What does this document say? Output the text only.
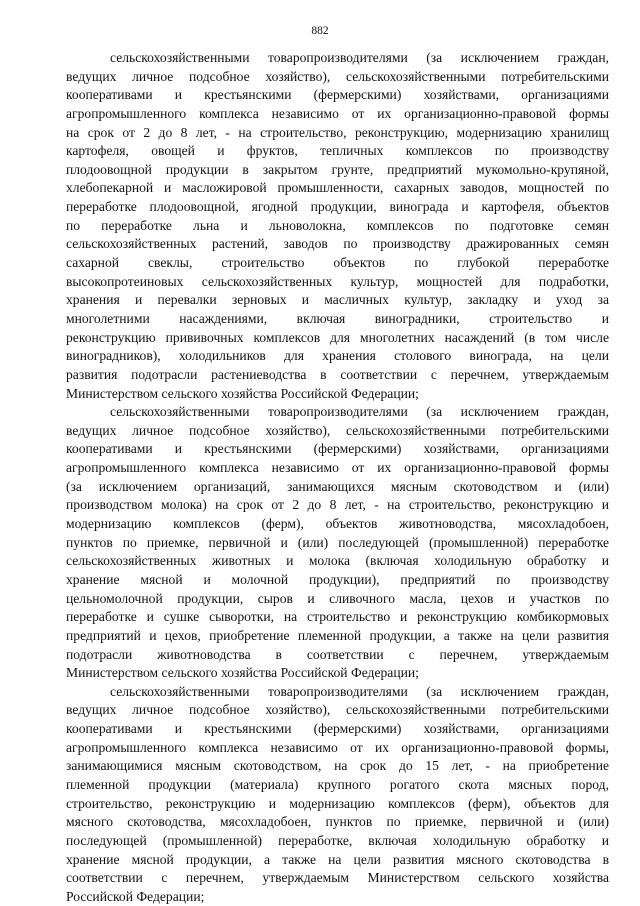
882
сельскохозяйственными товаропроизводителями (за исключением граждан,
ведущих личное подсобное хозяйство), сельскохозяйственными потребительскими
кооперативами и крестьянскими (фермерскими) хозяйствами, организациями
агропромышленного комплекса независимо от их организационно-правовой формы
на срок от 2 до 8 лет, - на строительство, реконструкцию, модернизацию хранилищ
картофеля, овощей и фруктов, тепличных комплексов по производству
плодоовощной продукции в закрытом грунте, предприятий мукомольно-крупяной,
хлебопекарной и масложировой промышленности, сахарных заводов, мощностей по
переработке плодоовощной, ягодной продукции, винограда и картофеля, объектов
по переработке льна и льноволокна, комплексов по подготовке семян
сельскохозяйственных растений, заводов по производству дражированных семян
сахарной свеклы, строительство объектов по глубокой переработке
высокопротеиновых сельскохозяйственных культур, мощностей для подработки,
хранения и перевалки зерновых и масличных культур, закладку и уход за
многолетними насаждениями, включая виноградники, строительство и
реконструкцию прививочных комплексов для многолетних насаждений (в том числе
виноградников), холодильников для хранения столового винограда, на цели
развития подотрасли растениеводства в соответствии с перечнем, утверждаемым
Министерством сельского хозяйства Российской Федерации;
сельскохозяйственными товаропроизводителями (за исключением граждан,
ведущих личное подсобное хозяйство), сельскохозяйственными потребительскими
кооперативами и крестьянскими (фермерскими) хозяйствами, организациями
агропромышленного комплекса независимо от их организационно-правовой формы
(за исключением организаций, занимающихся мясным скотоводством и (или)
производством молока) на срок от 2 до 8 лет, - на строительство, реконструкцию и
модернизацию комплексов (ферм), объектов животноводства, мясохладобоен,
пунктов по приемке, первичной и (или) последующей (промышленной) переработке
сельскохозяйственных животных и молока (включая холодильную обработку и
хранение мясной и молочной продукции), предприятий по производству
цельномолочной продукции, сыров и сливочного масла, цехов и участков по
переработке и сушке сыворотки, на строительство и реконструкцию комбикормовых
предприятий и цехов, приобретение племенной продукции, а также на цели развития
подотрасли животноводства в соответствии с перечнем, утверждаемым
Министерством сельского хозяйства Российской Федерации;
сельскохозяйственными товаропроизводителями (за исключением граждан,
ведущих личное подсобное хозяйство), сельскохозяйственными потребительскими
кооперативами и крестьянскими (фермерскими) хозяйствами, организациями
агропромышленного комплекса независимо от их организационно-правовой формы,
занимающимися мясным скотоводством, на срок до 15 лет, - на приобретение
племенной продукции (материала) крупного рогатого скота мясных пород,
строительство, реконструкцию и модернизацию комплексов (ферм), объектов для
мясного скотоводства, мясохладобоен, пунктов по приемке, первичной и (или)
последующей (промышленной) переработке, включая холодильную обработку и
хранение мясной продукции, а также на цели развития мясного скотоводства в
соответствии с перечнем, утверждаемым Министерством сельского хозяйства
Российской Федерации;
